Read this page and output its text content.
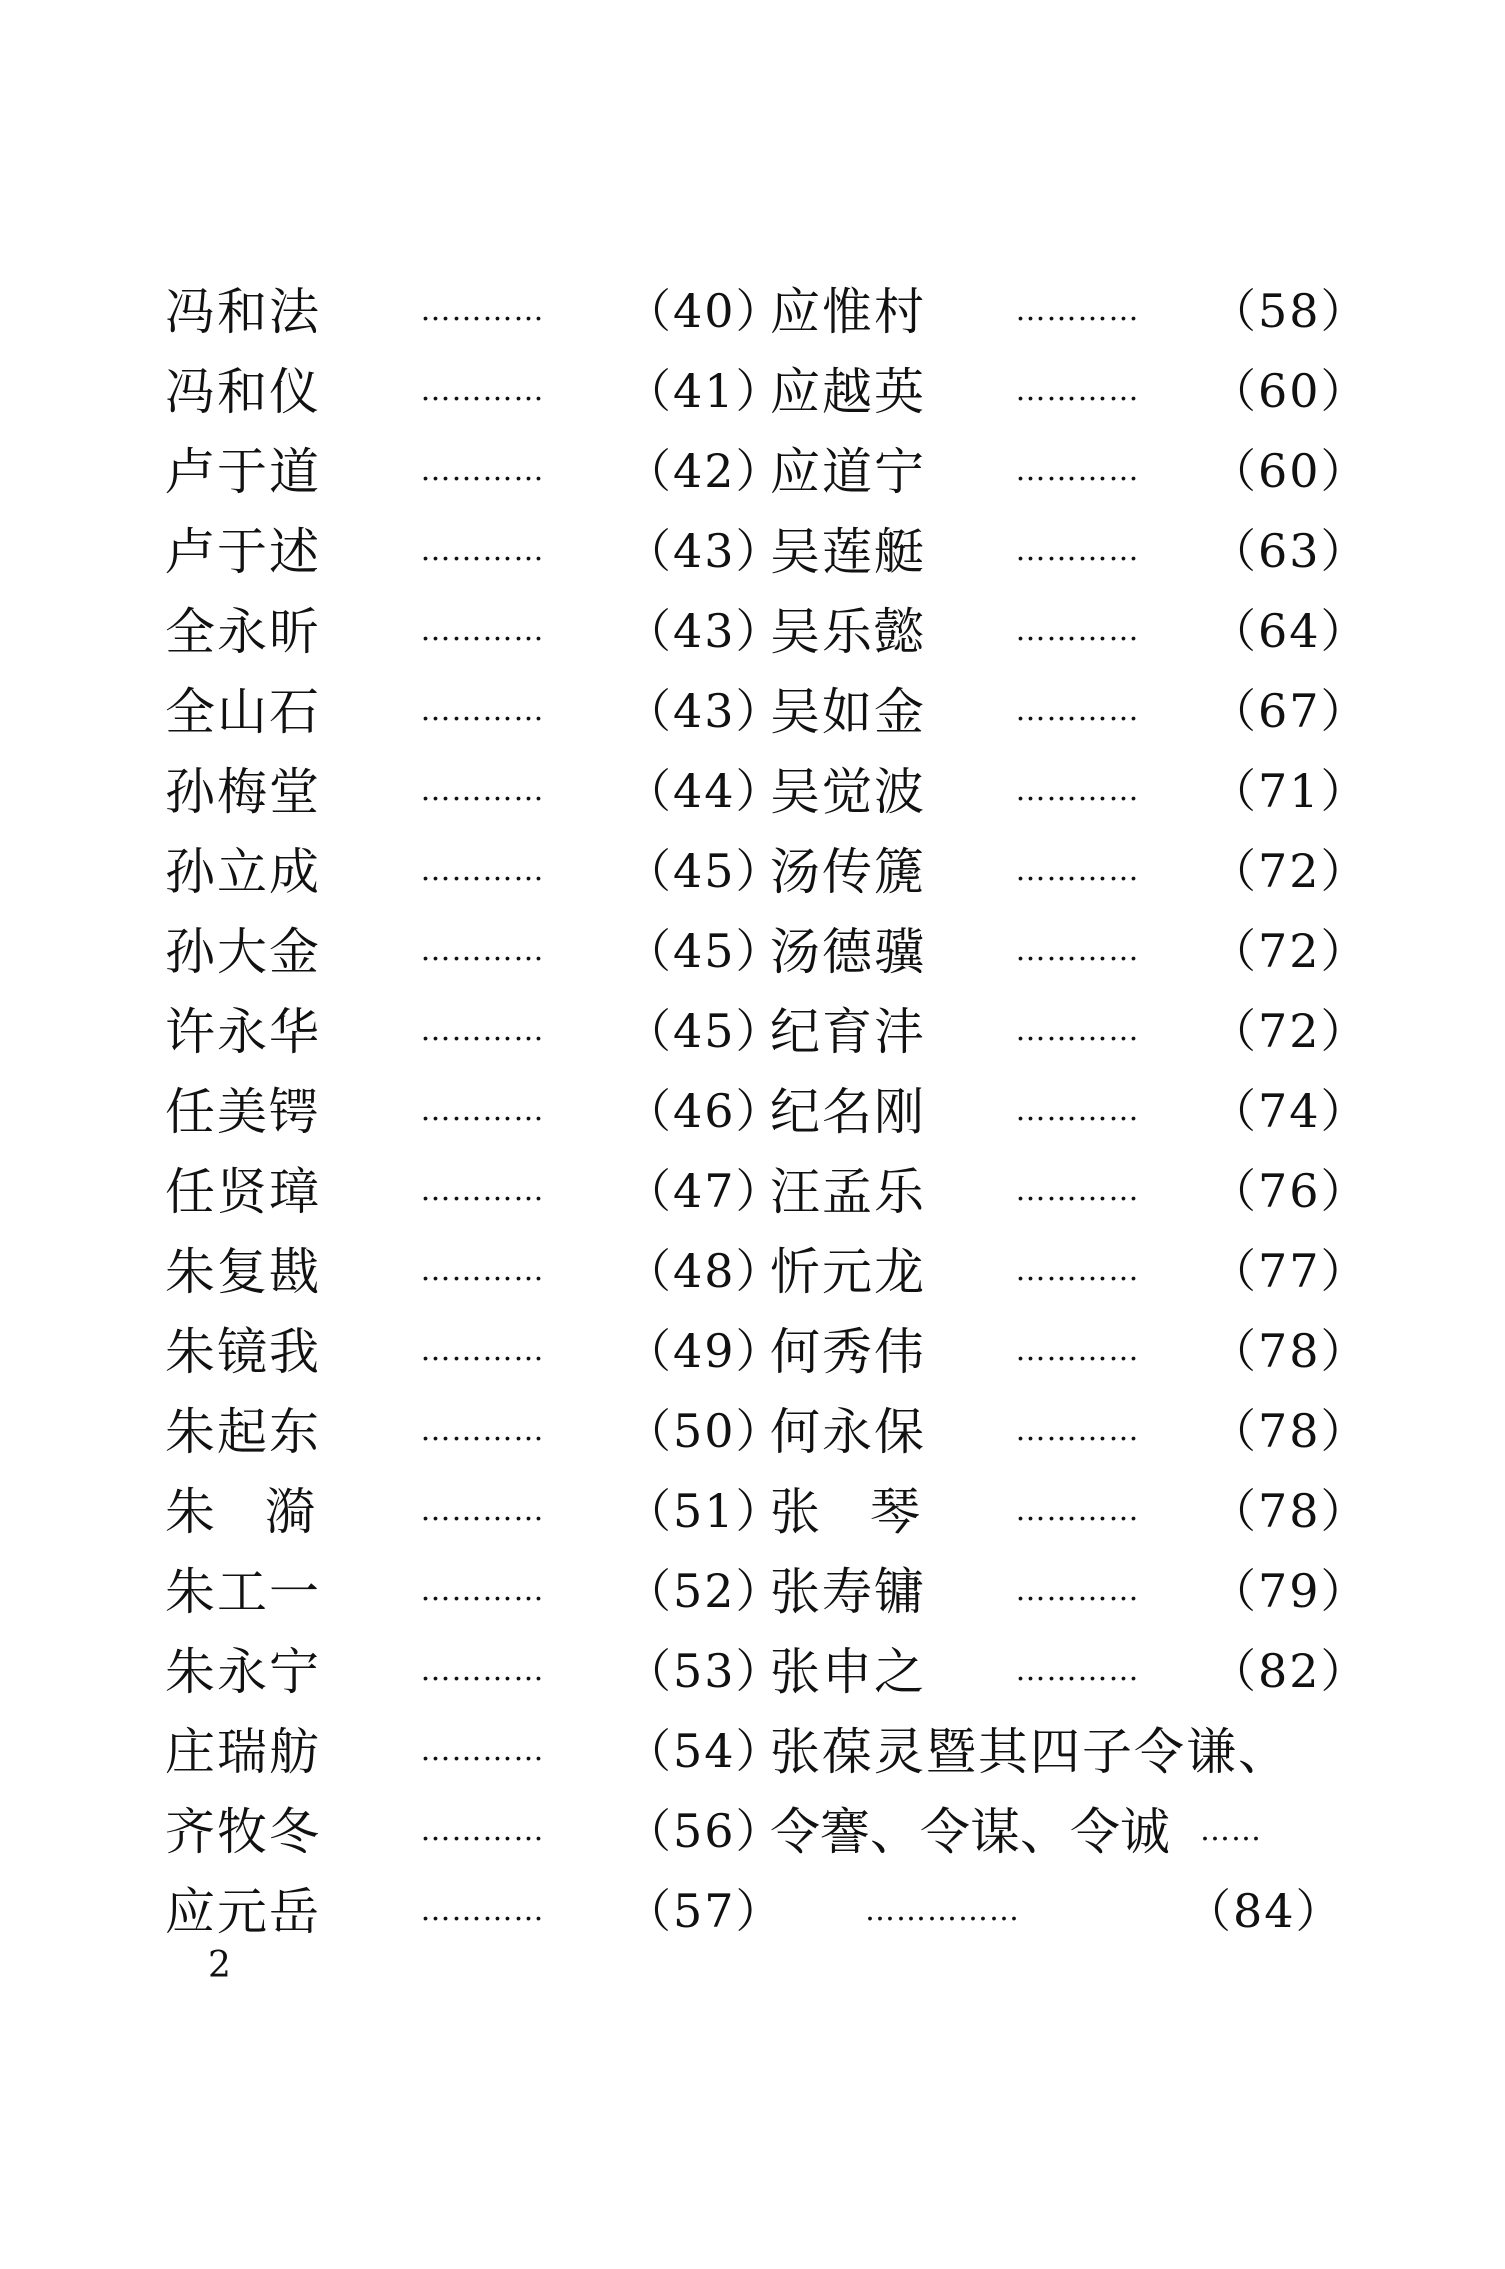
冯和法	…………	（40）
冯和仪	…………	（41）
卢于道	…………	（42）
卢于述	…………	（43）
全永昕	…………	（43）
全山石	…………	（43）
孙梅堂	…………	（44）
孙立成	…………	（45）
孙大金	…………	（45）
许永华	…………	（45）
任美锷	…………	（46）
任贤璋	…………	（47）
朱复戡	…………	（48）
朱镜我	…………	（49）
朱起东	…………	（50）
朱　漪	…………	（51）
朱工一	…………	（52）
朱永宁	…………	（53）
庄瑞舫	…………	（54）
齐牧冬	…………	（56）
应元岳	…………	（57）
应惟村	…………	（58）
应越英	…………	（60）
应道宁	…………	（60）
吴莲艇	…………	（63）
吴乐懿	…………	（64）
吴如金	…………	（67）
吴觉波	…………	（71）
汤传篪	…………	（72）
汤德骥	…………	（72）
纪育沣	…………	（72）
纪名刚	…………	（74）
汪孟乐	…………	（76）
忻元龙	…………	（77）
何秀伟	…………	（78）
何永保	…………	（78）
张　琴	…………	（78）
张寿镛	…………	（79）
张申之	…………	（82）
张葆灵暨其四子令谦、
令謇、令谋、令诚 ……
……………	（84）
2
